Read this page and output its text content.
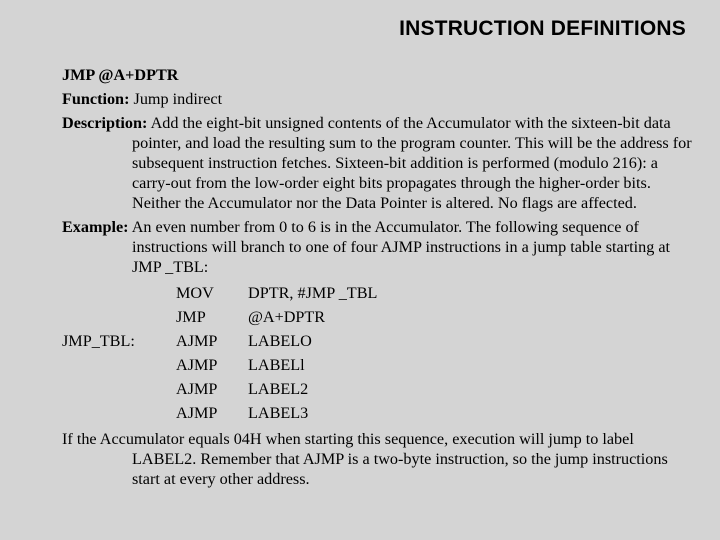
INSTRUCTION DEFINITIONS
JMP @A+DPTR
Function: Jump indirect
Description: Add the eight-bit unsigned contents of the Accumulator with the sixteen-bit data pointer, and load the resulting sum to the program counter. This will be the address for subsequent instruction fetches. Sixteen-bit addition is performed (modulo 216): a carry-out from the low-order eight bits propagates through the higher-order bits. Neither the Accumulator nor the Data Pointer is altered. No flags are affected.
Example: An even number from 0 to 6 is in the Accumulator. The following sequence of instructions will branch to one of four AJMP instructions in a jump table starting at JMP _TBL:
MOV DPTR, #JMP _TBL
JMP	@A+DPTR
JMP_TBL:	AJMP LABELO
AJMP LABELl
AJMP LABEL2
AJMP LABEL3
If the Accumulator equals 04H when starting this sequence, execution will jump to label LABEL2. Remember that AJMP is a two-byte instruction, so the jump instructions start at every other address.
